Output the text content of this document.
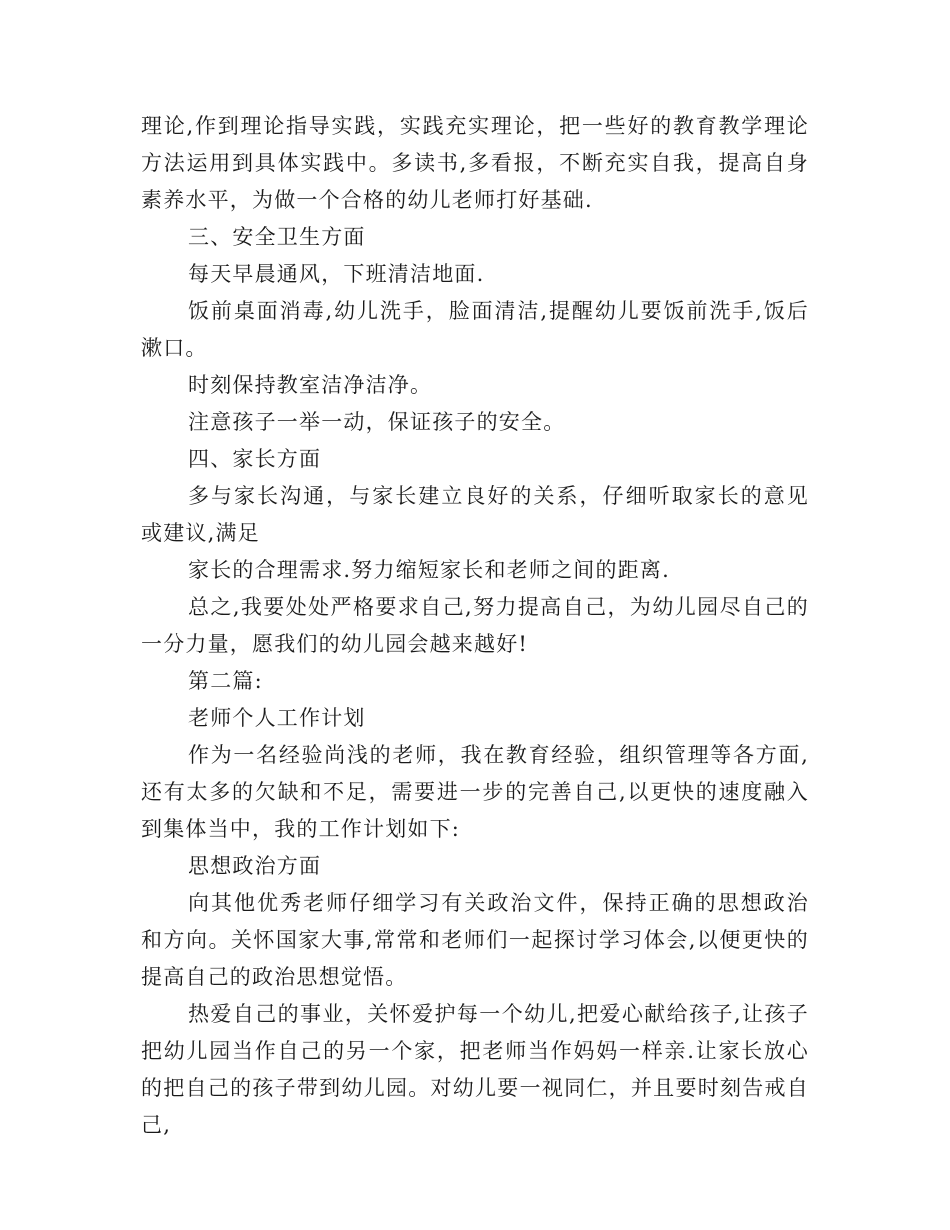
理论,作到理论指导实践，实践充实理论，把一些好的教育教学理论方法运用到具体实践中。多读书,多看报，不断充实自我，提高自身素养水平，为做一个合格的幼儿老师打好基础.

三、安全卫生方面

每天早晨通风，下班清洁地面.

饭前桌面消毒,幼儿洗手，脸面清洁,提醒幼儿要饭前洗手,饭后漱口。

时刻保持教室洁净洁净。

注意孩子一举一动，保证孩子的安全。

四、家长方面

多与家长沟通，与家长建立良好的关系，仔细听取家长的意见或建议,满足

家长的合理需求.努力缩短家长和老师之间的距离.

总之,我要处处严格要求自己,努力提高自己，为幼儿园尽自己的一分力量，愿我们的幼儿园会越来越好!

第二篇:

老师个人工作计划

作为一名经验尚浅的老师，我在教育经验，组织管理等各方面,还有太多的欠缺和不足，需要进一步的完善自己,以更快的速度融入到集体当中，我的工作计划如下:

思想政治方面

向其他优秀老师仔细学习有关政治文件，保持正确的思想政治和方向。关怀国家大事,常常和老师们一起探讨学习体会,以便更快的提高自己的政治思想觉悟。

热爱自己的事业，关怀爱护每一个幼儿,把爱心献给孩子,让孩子把幼儿园当作自己的另一个家，把老师当作妈妈一样亲.让家长放心的把自己的孩子带到幼儿园。对幼儿要一视同仁，并且要时刻告戒自己,
